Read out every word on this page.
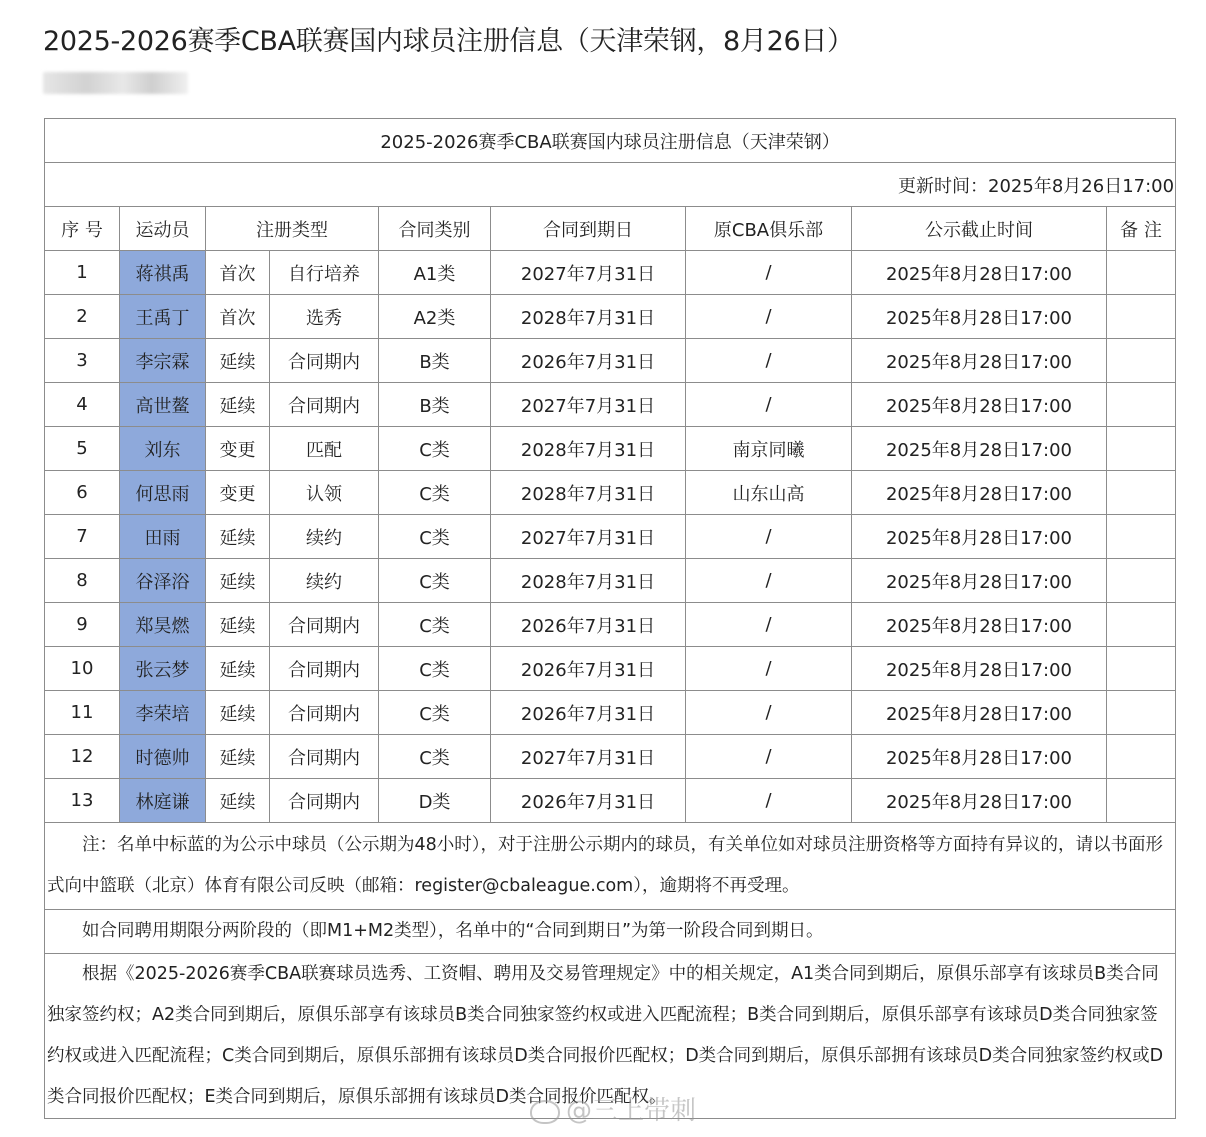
2025-2026赛季CBA联赛国内球员注册信息（天津荣钢，8月26日）
2025-2026赛季CBA联赛国内球员注册信息（天津荣钢）								
更新时间：2025年8月26日17:00								
序 号	运动员	注册类型		合同类别	合同到期日	原CBA俱乐部	公示截止时间	备 注
1	蒋祺禹	首次	自行培养	A1类	2027年7月31日	/	2025年8月28日17:00	
2	王禹丁	首次	选秀	A2类	2028年7月31日	/	2025年8月28日17:00	
3	李宗霖	延续	合同期内	B类	2026年7月31日	/	2025年8月28日17:00	
4	高世鳌	延续	合同期内	B类	2027年7月31日	/	2025年8月28日17:00	
5	刘东	变更	匹配	C类	2028年7月31日	南京同曦	2025年8月28日17:00	
6	何思雨	变更	认领	C类	2028年7月31日	山东山高	2025年8月28日17:00	
7	田雨	延续	续约	C类	2027年7月31日	/	2025年8月28日17:00	
8	谷泽浴	延续	续约	C类	2028年7月31日	/	2025年8月28日17:00	
9	郑昊燃	延续	合同期内	C类	2026年7月31日	/	2025年8月28日17:00	
10	张云梦	延续	合同期内	C类	2026年7月31日	/	2025年8月28日17:00	
11	李荣培	延续	合同期内	C类	2026年7月31日	/	2025年8月28日17:00	
12	时德帅	延续	合同期内	C类	2027年7月31日	/	2025年8月28日17:00	
13	林庭谦	延续	合同期内	D类	2026年7月31日	/	2025年8月28日17:00	
注：名单中标蓝的为公示中球员（公示期为48小时），对于注册公示期内的球员，有关单位如对球员注册资格等方面持有异议的，请以书面形式向中篮联（北京）体育有限公司反映（邮箱：register@cbaleague.com），逾期将不再受理。								
如合同聘用期限分两阶段的（即M1+M2类型），名单中的“合同到期日”为第一阶段合同到期日。								
根据《2025-2026赛季CBA联赛球员选秀、工资帽、聘用及交易管理规定》中的相关规定，A1类合同到期后，原俱乐部享有该球员B类合同独家签约权；A2类合同到期后，原俱乐部享有该球员B类合同独家签约权或进入匹配流程；B类合同到期后，原俱乐部享有该球员D类合同独家签约权或进入匹配流程；C类合同到期后，原俱乐部拥有该球员D类合同报价匹配权；D类合同到期后，原俱乐部拥有该球员D类合同独家签约权或D类合同报价匹配权；E类合同到期后，原俱乐部拥有该球员D类合同报价匹配权。								
@三上带刺
